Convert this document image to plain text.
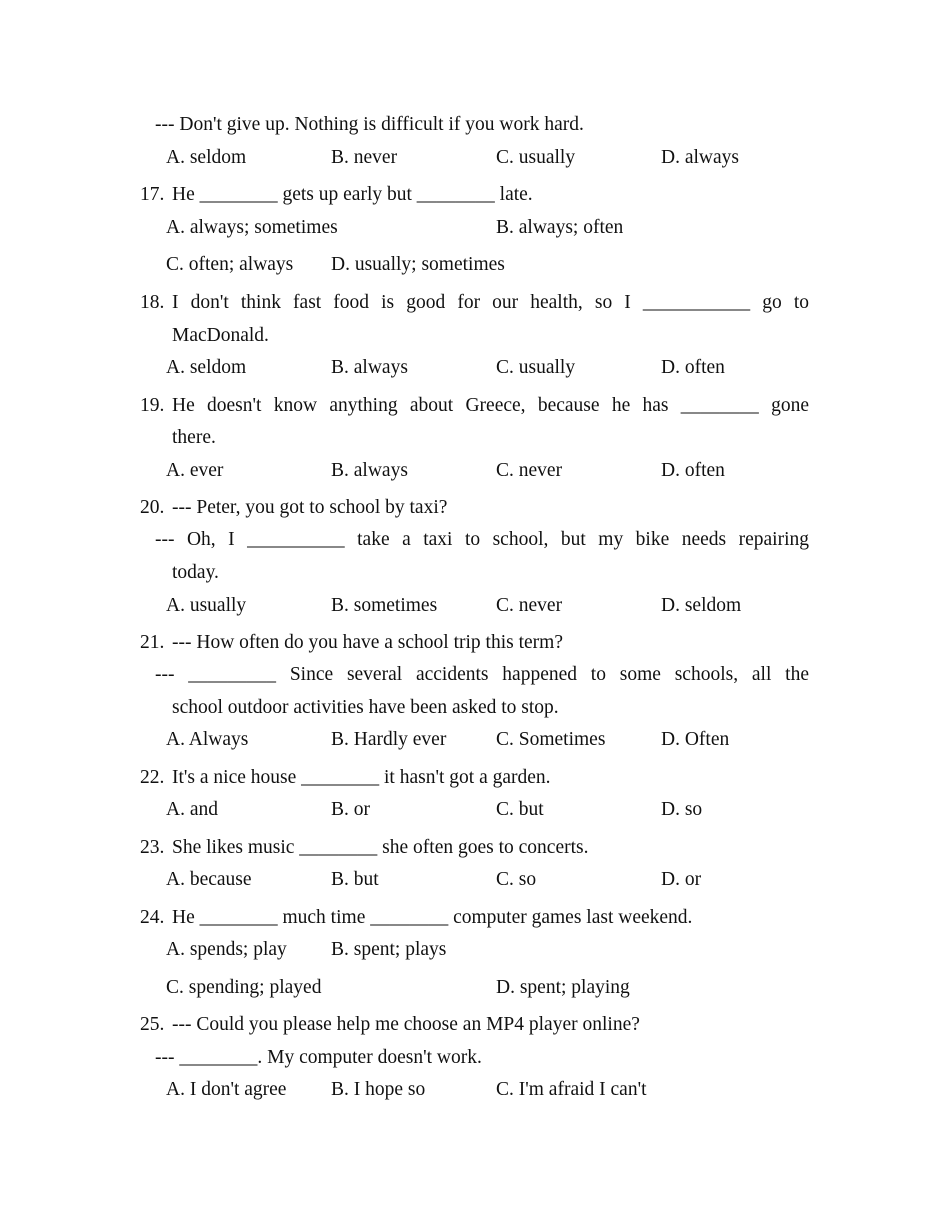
--- Don't give up. Nothing is difficult if you work hard.
A. seldom	B. never	C. usually	D. always
17. He ________ gets up early but ________ late.
A. always; sometimes	B. always; often
C. often; always D. usually; sometimes
18. I don't think fast food is good for our health, so I ___________ go to
MacDonald.
A. seldom	B. always	C. usually	D. often
19. He doesn't know anything about Greece, because he has ________ gone
there.
A. ever	B. always	C. never	D. often
20. --- Peter, you got to school by taxi?
--- Oh, I __________ take a taxi to school, but my bike needs repairing
today.
A. usually	B. sometimes	C. never	D. seldom
21. --- How often do you have a school trip this term?
--- _________ Since several accidents happened to some schools, all the
school outdoor activities have been asked to stop.
A. Always	B. Hardly ever	C. Sometimes	D. Often
22. It's a nice house ________ it hasn't got a garden.
A. and	B. or	C. but	D. so
23. She likes music ________ she often goes to concerts.
A. because	B. but	C. so	D. or
24. He ________ much time ________ computer games last weekend.
A. spends; play B. spent; plays
C. spending; played	D. spent; playing
25. --- Could you please help me choose an MP4 player online?
--- ________. My computer doesn't work.
A. I don't agree B. I hope so	C. I'm afraid I can't
